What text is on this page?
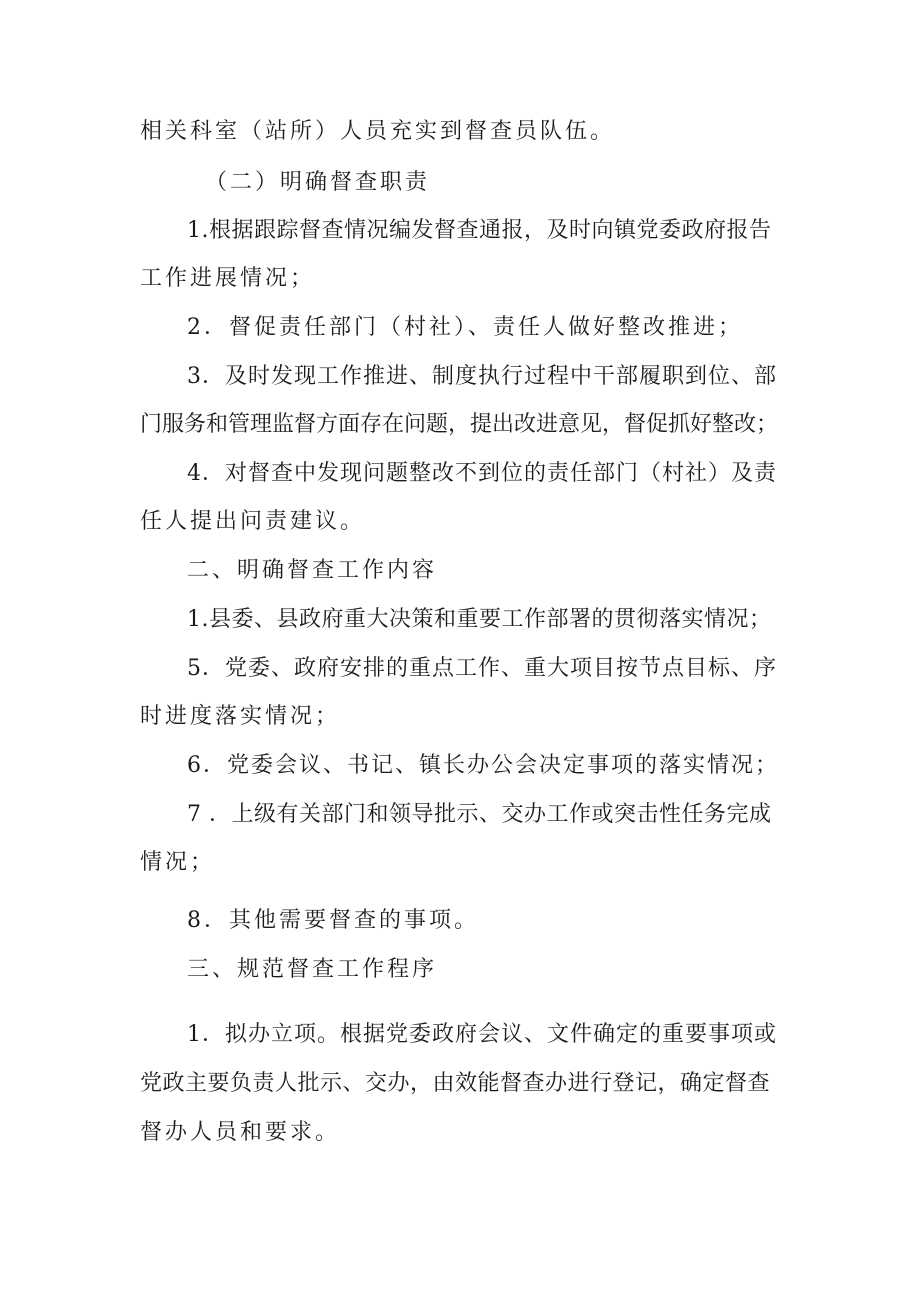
相关科室（站所）人员充实到督查员队伍。
（二）明确督查职责
1.根据跟踪督查情况编发督查通报，及时向镇党委政府报告
工作进展情况；
2．督促责任部门（村社）、责任人做好整改推进；
3．及时发现工作推进、制度执行过程中干部履职到位、部
门服务和管理监督方面存在问题，提出改进意见，督促抓好整改；
4．对督查中发现问题整改不到位的责任部门（村社）及责
任人提出问责建议。
二、明确督查工作内容
1.县委、县政府重大决策和重要工作部署的贯彻落实情况；
5．党委、政府安排的重点工作、重大项目按节点目标、序
时进度落实情况；
6．党委会议、书记、镇长办公会决定事项的落实情况；
7 ．上级有关部门和领导批示、交办工作或突击性任务完成
情况；
8．其他需要督查的事项。
三、规范督查工作程序
1．拟办立项。根据党委政府会议、文件确定的重要事项或
党政主要负责人批示、交办，由效能督查办进行登记，确定督查
督办人员和要求。
